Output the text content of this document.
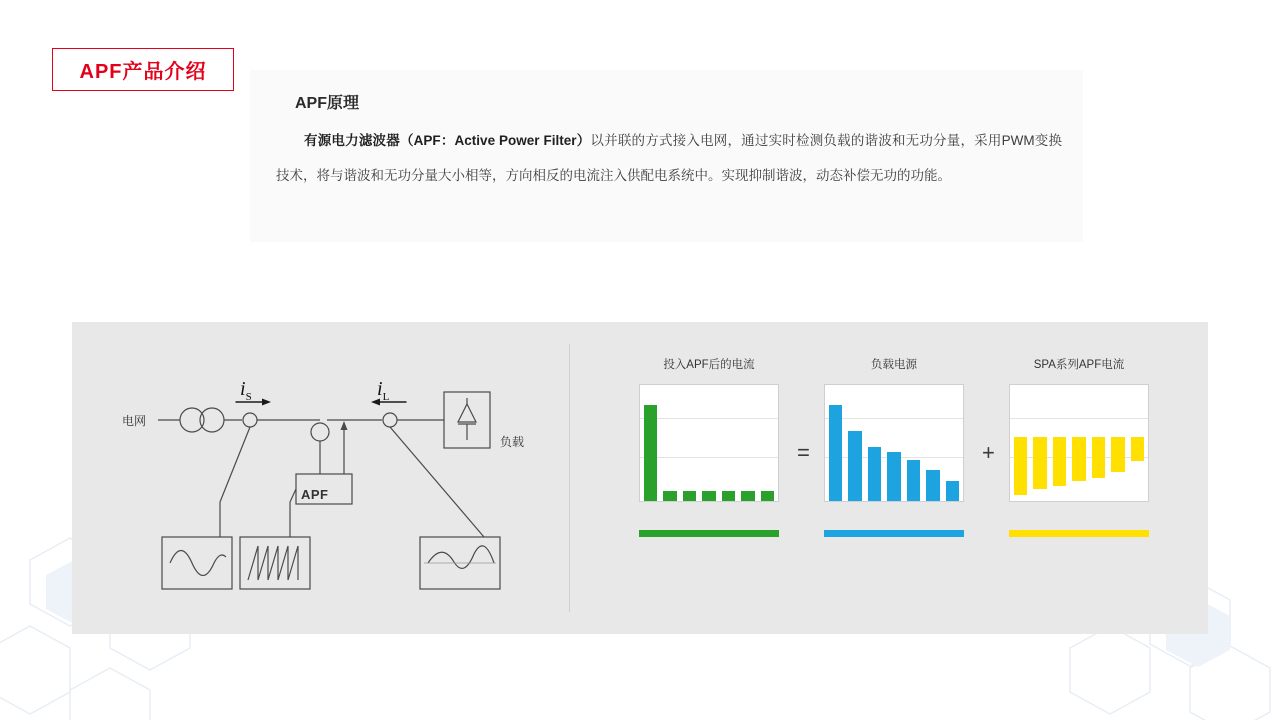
APF产品介绍
APF原理
有源电力滤波器（APF：Active Power Filter）以并联的方式接入电网，通过实时检测负载的谐波和无功分量，采用PWM变换技术，将与谐波和无功分量大小相等，方向相反的电流注入供配电系统中。实现抑制谐波，动态补偿无功的功能。
电网
负载
APF
$i_S$	$i_L$
投入APF后的电流
=
负载电源
+
SPA系列APF电流
